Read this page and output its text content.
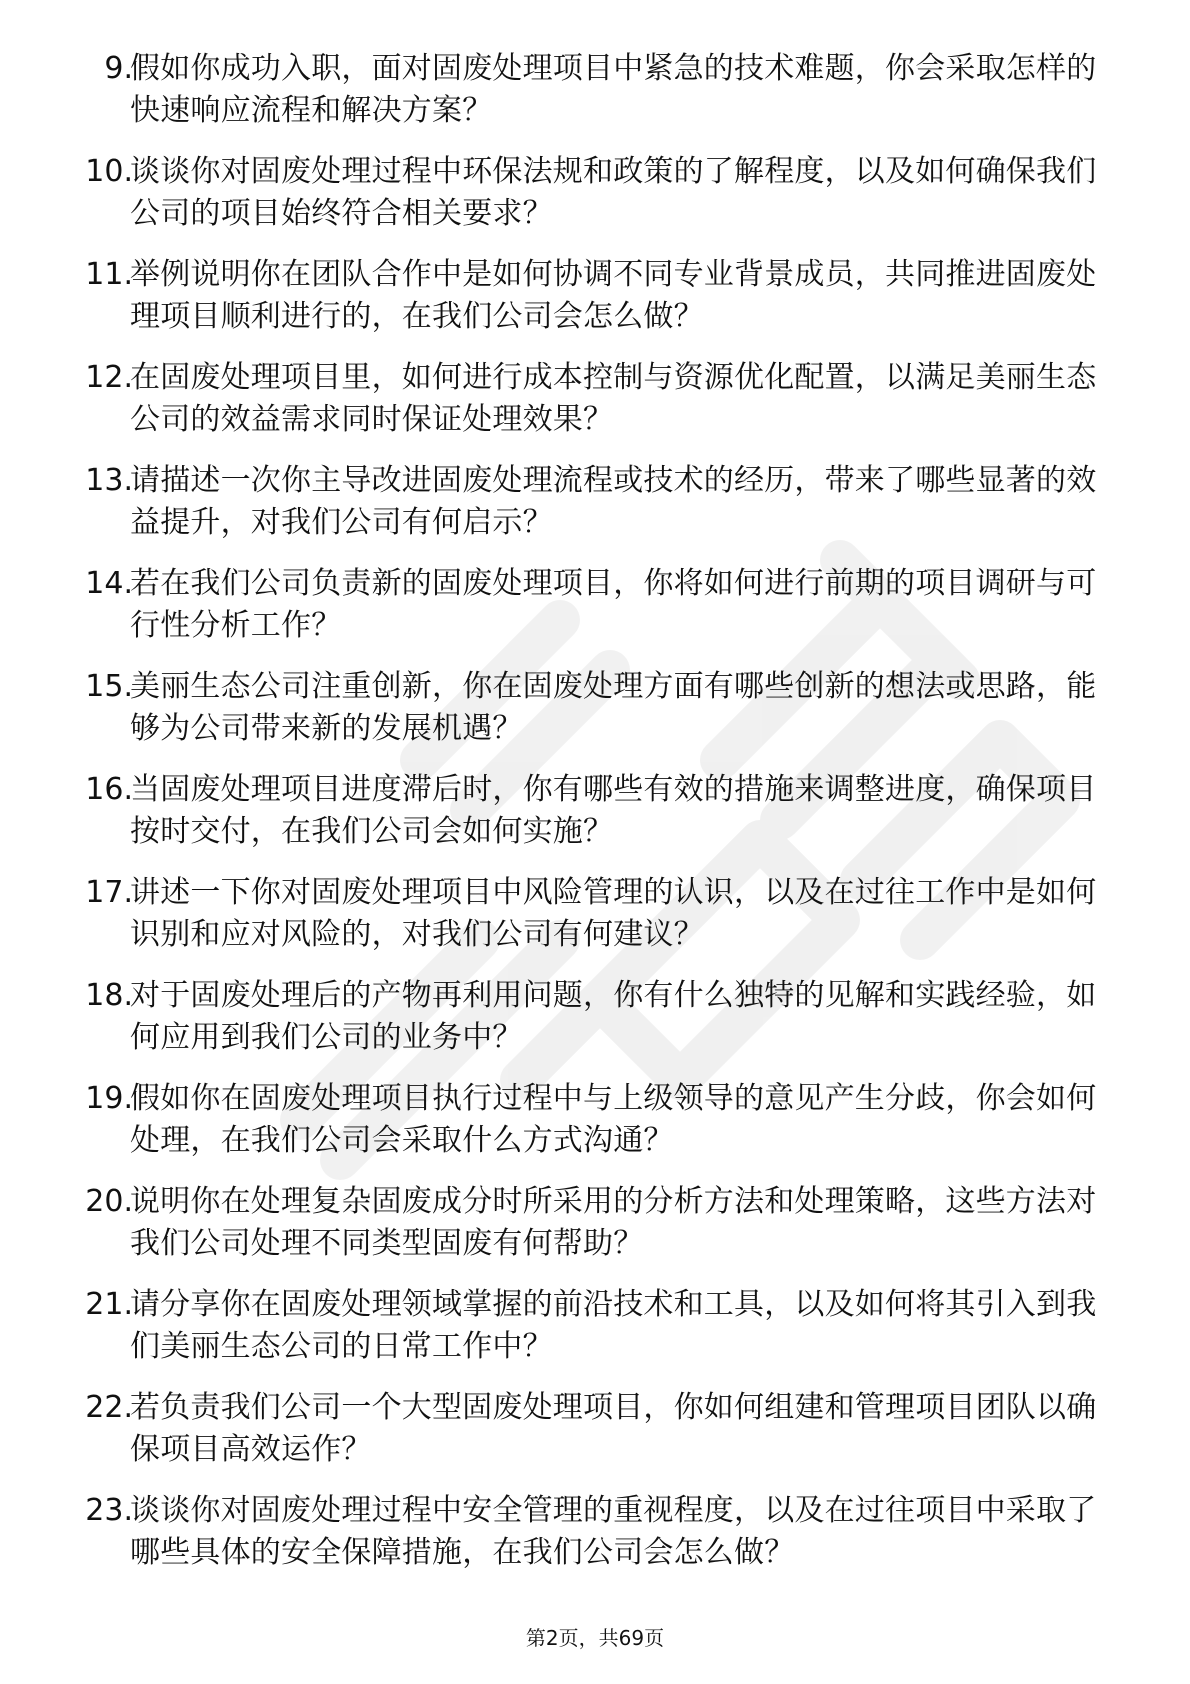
9.
假如你成功入职，面对固废处理项目中紧急的技术难题，你会采取怎样的快速响应流程和解决方案？
10.
谈谈你对固废处理过程中环保法规和政策的了解程度，以及如何确保我们公司的项目始终符合相关要求？
11.
举例说明你在团队合作中是如何协调不同专业背景成员，共同推进固废处理项目顺利进行的，在我们公司会怎么做？
12.
在固废处理项目里，如何进行成本控制与资源优化配置，以满足美丽生态公司的效益需求同时保证处理效果？
13.
请描述一次你主导改进固废处理流程或技术的经历，带来了哪些显著的效益提升，对我们公司有何启示？
14.
若在我们公司负责新的固废处理项目，你将如何进行前期的项目调研与可行性分析工作？
15.
美丽生态公司注重创新，你在固废处理方面有哪些创新的想法或思路，能够为公司带来新的发展机遇？
16.
当固废处理项目进度滞后时，你有哪些有效的措施来调整进度，确保项目按时交付，在我们公司会如何实施？
17.
讲述一下你对固废处理项目中风险管理的认识，以及在过往工作中是如何识别和应对风险的，对我们公司有何建议？
18.
对于固废处理后的产物再利用问题，你有什么独特的见解和实践经验，如何应用到我们公司的业务中？
19.
假如你在固废处理项目执行过程中与上级领导的意见产生分歧，你会如何处理，在我们公司会采取什么方式沟通？
20.
说明你在处理复杂固废成分时所采用的分析方法和处理策略，这些方法对我们公司处理不同类型固废有何帮助？
21.
请分享你在固废处理领域掌握的前沿技术和工具，以及如何将其引入到我们美丽生态公司的日常工作中？
22.
若负责我们公司一个大型固废处理项目，你如何组建和管理项目团队以确保项目高效运作？
23.
谈谈你对固废处理过程中安全管理的重视程度，以及在过往项目中采取了哪些具体的安全保障措施，在我们公司会怎么做？
第2页，共69页
